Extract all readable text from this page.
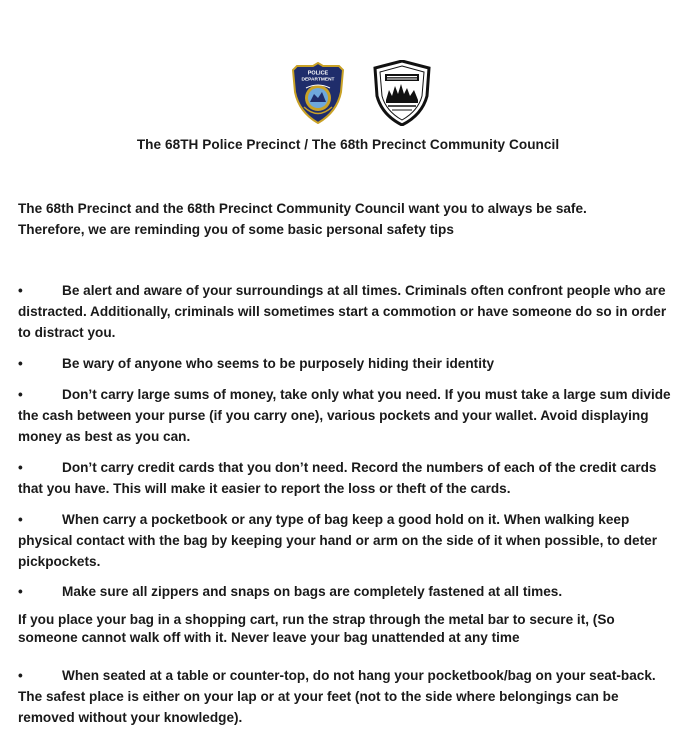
POLICE
DEPARTMENT
The 68TH Police Precinct / The 68th Precinct Community Council
The 68th Precinct and the 68th Precinct Community Council want you to always be safe.
Therefore, we are reminding you of some basic personal safety tips
•	Be alert and aware of your surroundings at all times. Criminals often confront people who are distracted. Additionally, criminals will sometimes start a commotion or have someone do so in order to distract you.
•	Be wary of anyone who seems to be purposely hiding their identity
•	Don’t carry large sums of money, take only what you need. If you must take a large sum divide the cash between your purse (if you carry one), various pockets and your wallet. Avoid displaying money as best as you can.
•	Don’t carry credit cards that you don’t need. Record the numbers of each of the credit cards that you have. This will make it easier to report the loss or theft of the cards.
•	When carry a pocketbook or any type of bag keep a good hold on it. When walking keep physical contact with the bag by keeping your hand or arm on the side of it when possible, to deter pickpockets.
•	Make sure all zippers and snaps on bags are completely fastened at all times.
If you place your bag in a shopping cart, run the strap through the metal bar to secure it, (So
someone cannot walk off with it. Never leave your bag unattended at any time
•	When seated at a table or counter-top, do not hang your pocketbook/bag on your seat-back. The safest place is either on your lap or at your feet (not to the side where belongings can be removed without your knowledge).
